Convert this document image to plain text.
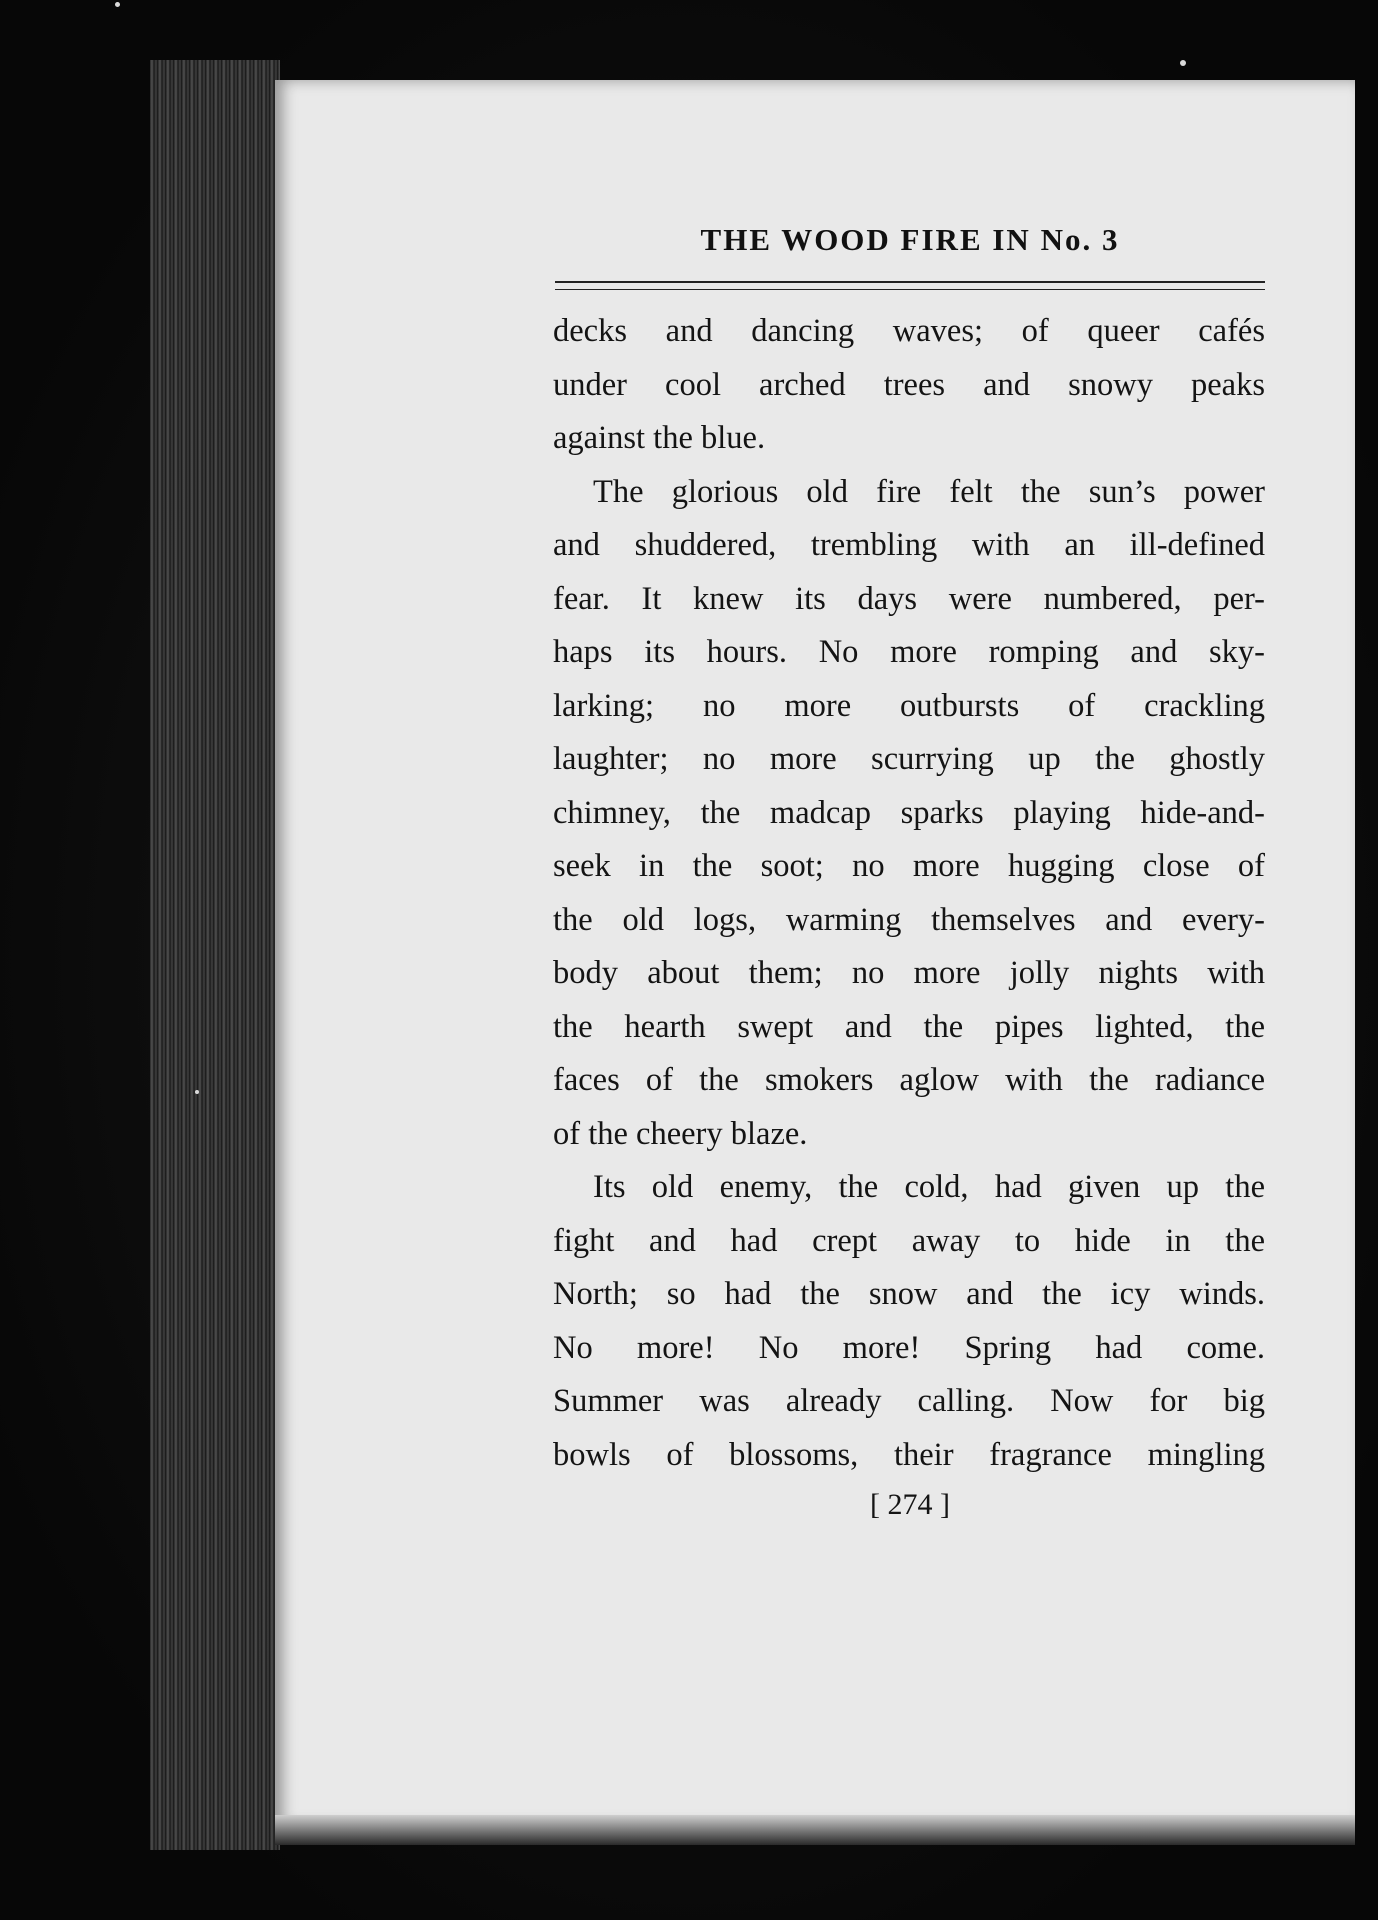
THE WOOD FIRE IN No. 3
decks and dancing waves; of queer cafés
under cool arched trees and snowy peaks
against the blue.
The glorious old fire felt the sun’s power
and shuddered, trembling with an ill-defined
fear. It knew its days were numbered, per-
haps its hours. No more romping and sky-
larking; no more outbursts of crackling
laughter; no more scurrying up the ghostly
chimney, the madcap sparks playing hide-and-
seek in the soot; no more hugging close of
the old logs, warming themselves and every-
body about them; no more jolly nights with
the hearth swept and the pipes lighted, the
faces of the smokers aglow with the radiance
of the cheery blaze.
Its old enemy, the cold, had given up the
fight and had crept away to hide in the
North; so had the snow and the icy winds.
No more! No more! Spring had come.
Summer was already calling. Now for big
bowls of blossoms, their fragrance mingling
[ 274 ]
